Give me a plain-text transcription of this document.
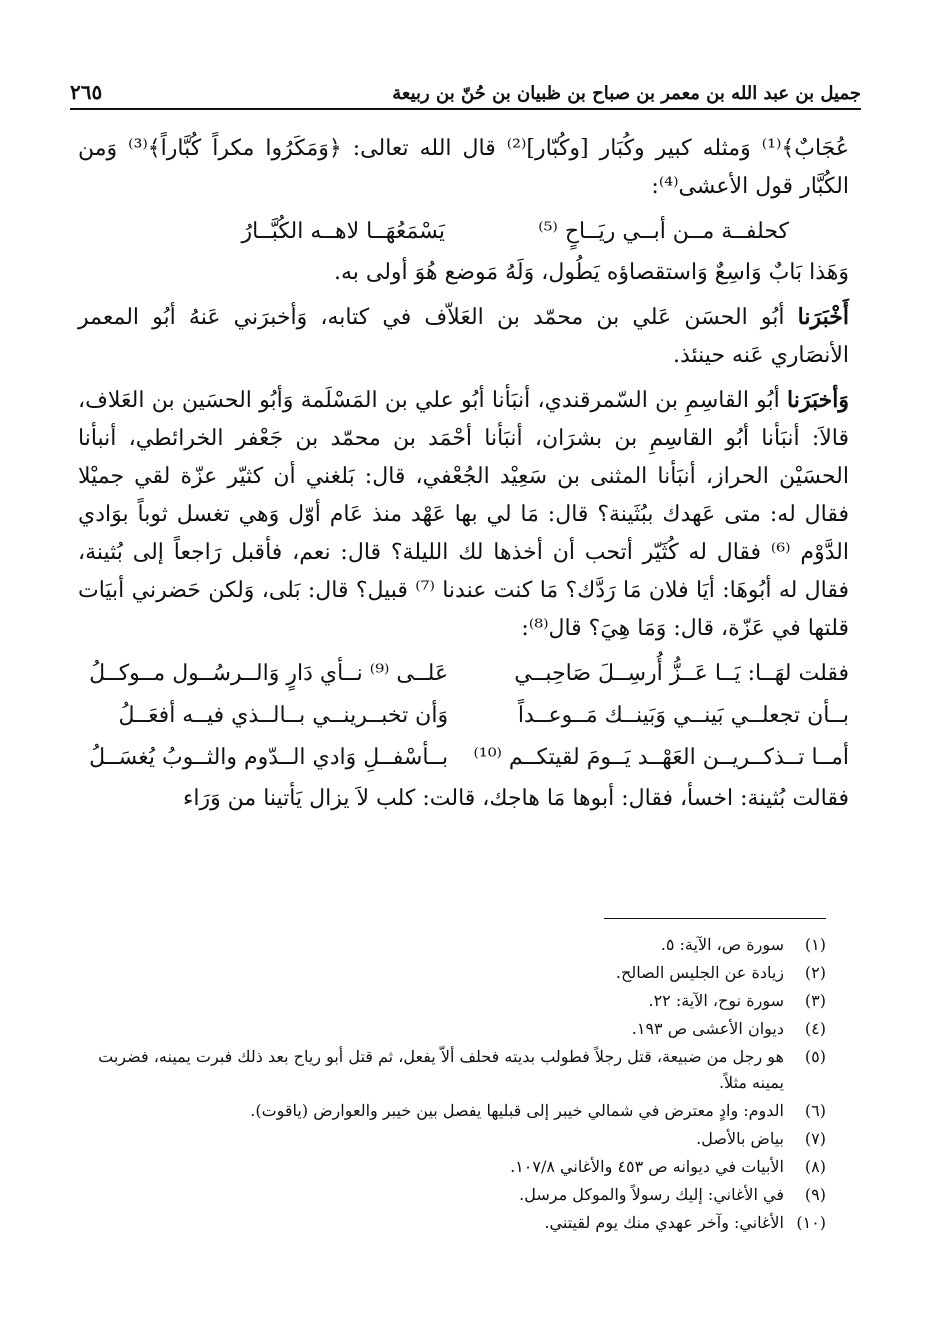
جميل بن عبد الله بن معمر بن صباح بن ظبيان بن حُنّ بن ربيعة
٢٦٥

عُجَابٌ﴾⁽¹⁾ وَمثله كبير وكُبَار [وكُبّار]⁽²⁾ قال الله تعالى: ﴿وَمَكَرُوا مكراً كُبَّاراً﴾⁽³⁾ وَمن الكُبَّار قول الأعشى⁽⁴⁾:

كحلفــة مــن أبــي ريَــاحٍ ⁽⁵⁾
يَسْمَعُهَــا لاهــه الكُبَّــارُ

وَهَذا بَابٌ وَاسِعٌ وَاستقصاؤه يَطُول، وَلَهُ مَوضع هُوَ أولى به.

أَخْبَرَنا أبُو الحسَن عَلي بن محمّد بن العَلاّف في كتابه، وَأخبرَني عَنهُ أبُو المعمر الأنصَاري عَنه حينئذ.

وَأخبَرَنا أبُو القاسِمِ بن السّمرقندي، أنبَأنا أبُو علي بن المَسْلَمة وَأبُو الحسَين بن العَلاف، قالاَ: أنبَأنا أبُو القاسِمِ بن بشرَان، أنبَأنا أحْمَد بن محمّد بن جَعْفر الخرائطي، أنبأنا الحسَيْن الحراز، أنبَأنا المثنى بن سَعِيْد الجُعْفي، قال: بَلغني أن كثيّر عزّة لقي جميْلا فقال له: متى عَهدك ببُثَينة؟ قال: مَا لي بها عَهْد منذ عَام أوّل وَهي تغسل ثوباً بوَادي الدَّوْم ⁽⁶⁾ فقال له كُثَيّر أتحب أن أخذها لك الليلة؟ قال: نعم، فأقبل رَاجعاً إلى بُثينة، فقال له أبُوهَا: أيَا فلان مَا رَدَّك؟ مَا كنت عندنا ⁽⁷⁾ قبيل؟ قال: بَلى، وَلكن حَضرني أبيَات قلتها في عَزّة، قال: وَمَا هِيَ؟ قال⁽⁸⁾:

فقلت لهَــا: يَــا عَــزُّ أُرسِــلَ صَاحِبــي
عَلــى ⁽⁹⁾ نــأي دَارٍ وَالــرسُــول مــوكــلُ
بــأن تجعلــي بَينــي وَبَينــك مَــوعــداً
وَأن تخبــرينــي بــالــذي فيــه أفعَــلُ
أمــا تــذكــريــن العَهْــد يَــومَ لقيتكــم ⁽¹⁰⁾
بــأسْفــلِ وَادي الــدّوم والثــوبُ يُغسَــلُ

فقالت بُثينة: اخسأ، فقال: أبوها مَا هاجك، قالت: كلب لاَ يزال يَأتينا من وَرَاء

(١)
سورة ص، الآية: ٥.
(٢)
زيادة عن الجليس الصالح.
(٣)
سورة نوح، الآية: ٢٢.
(٤)
ديوان الأعشى ص ١٩٣.
(٥)
هو رجل من ضبيعة، قتل رجلاً فطولب بديته فحلف ألاّ يفعل، ثم قتل أبو رياح بعد ذلك فبرت يمينه، فضربت يمينه مثلاً.
(٦)
الدوم: وادٍ معترض في شمالي خيبر إلى قبليها يفصل بين خيبر والعوارض (ياقوت).
(٧)
بياض بالأصل.
(٨)
الأبيات في ديوانه ص ٤٥٣ والأغاني ١٠٧/٨.
(٩)
في الأغاني: إليك رسولاً والموكل مرسل.
(١٠)
الأغاني: وآخر عهدي منك يوم لقيتني.
